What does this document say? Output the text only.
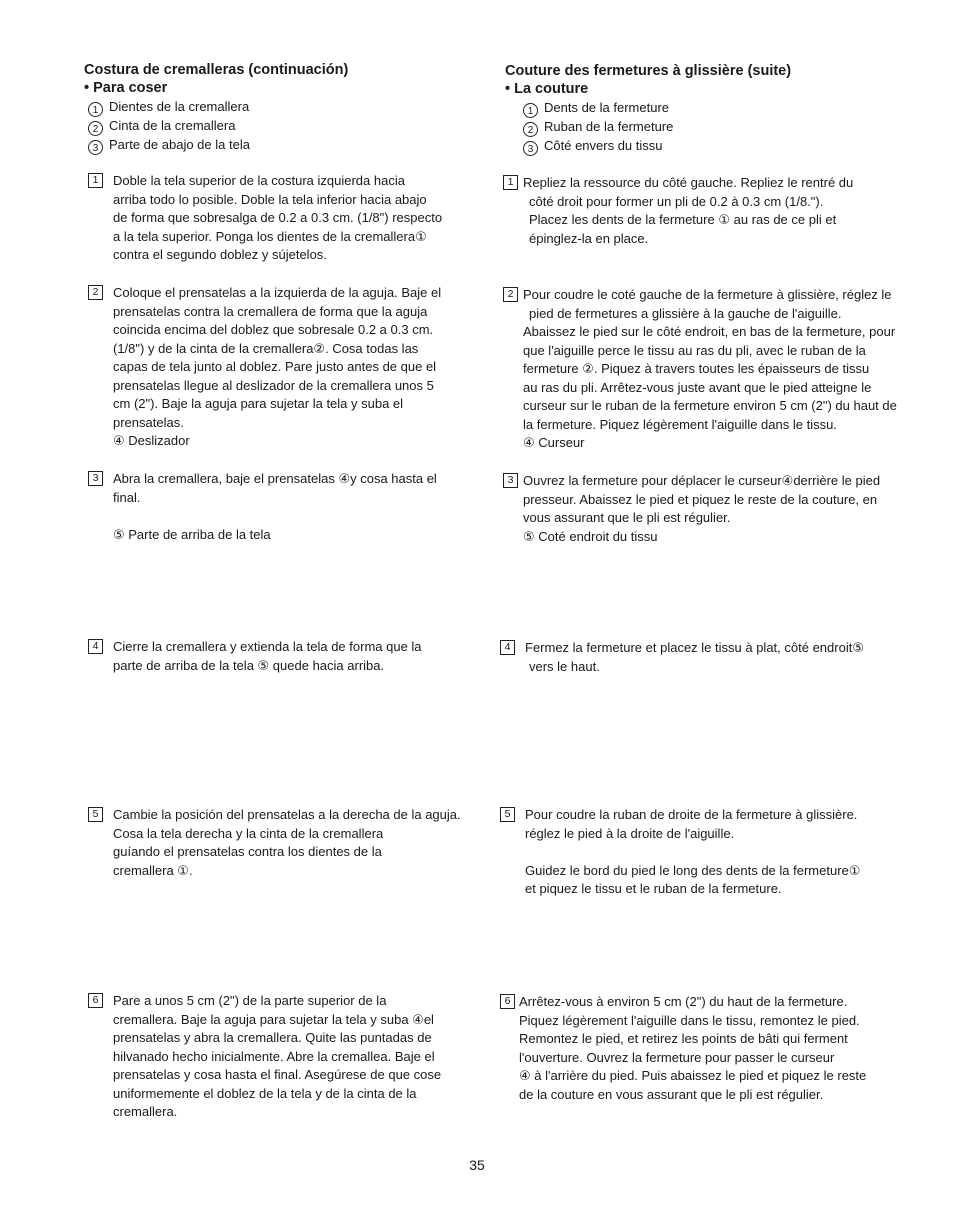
Costura de cremalleras (continuación)
• Para coser
1 Dientes de la cremallera
2 Cinta de la cremallera
3 Parte de abajo de la tela
1	Doble la tela superior de la costura izquierda hacia
arriba todo lo posible. Doble la tela inferior hacia abajo
de forma que sobresalga de 0.2 a 0.3 cm. (1/8") respecto
a la tela superior. Ponga los dientes de la cremallera①
contra el segundo doblez y sújetelos.
2	Coloque el prensatelas a la izquierda de la aguja. Baje el
prensatelas contra la cremallera de forma que la aguja
coincida encima del doblez que sobresale 0.2 a 0.3 cm.
(1/8") y de la cinta de la cremallera②. Cosa todas las
capas de tela junto al doblez. Pare justo antes de que el
prensatelas llegue al deslizador de la cremallera unos 5
cm (2"). Baje la aguja para sujetar la tela y suba el
prensatelas.
④ Deslizador
3	Abra la cremallera, baje el prensatelas ④y cosa hasta el
final.
⑤ Parte de arriba de la tela
4	Cierre la cremallera y extienda la tela de forma que la
parte de arriba de la tela ⑤ quede hacia arriba.
5	Cambie la posición del prensatelas a la derecha de la aguja.
Cosa la tela derecha y la cinta de la cremallera
guíando el prensatelas contra los dientes de la
cremallera ①.
6	Pare a unos 5 cm (2") de la parte superior de la
cremallera. Baje la aguja para sujetar la tela y suba ④el
prensatelas y abra la cremallera. Quite las puntadas de
hilvanado hecho inicialmente. Abre la cremallea. Baje el
prensatelas y cosa hasta el final. Asegúrese de que cose
uniformemente el doblez de la tela y de la cinta de la
cremallera.
Couture des fermetures à glissière (suite)
• La couture
1 Dents de la fermeture
2 Ruban de la fermeture
3 Côté envers du tissu
1 Repliez la ressource du côté gauche. Repliez le rentré du
côté droit pour former un pli de 0.2 à 0.3 cm (1/8.").
Placez les dents de la fermeture ① au ras de ce pli et
épinglez-la en place.
2 Pour coudre le coté gauche de la fermeture à glissière, réglez le
pied de fermetures a glissière à la gauche de l'aiguille.
Abaissez le pied sur le côté endroit, en bas de la fermeture, pour
que l'aiguille perce le tissu au ras du pli, avec le ruban de la
fermeture ②. Piquez à travers toutes les épaisseurs de tissu
au ras du pli. Arrêtez-vous juste avant que le pied atteigne le
curseur sur le ruban de la fermeture environ 5 cm (2") du haut de
la fermeture. Piquez légèrement l'aiguille dans le tissu.
④ Curseur
3 Ouvrez la fermeture pour déplacer le curseur④derrière le pied
presseur. Abaissez le pied et piquez le reste de la couture, en
vous assurant que le pli est régulier.
⑤ Coté endroit du tissu
4	Fermez la fermeture et placez le tissu à plat, côté endroit⑤
vers le haut.
5	Pour coudre la ruban de droite de la fermeture à glissière.
réglez le pied à la droite de l'aiguille.
Guidez le bord du pied le long des dents de la fermeture①
et piquez le tissu et le ruban de la fermeture.
6 Arrêtez-vous à environ 5 cm (2") du haut de la fermeture.
Piquez légèrement l'aiguille dans le tissu, remontez le pied.
Remontez le pied, et retirez les points de bâti qui ferment
l'ouverture. Ouvrez la fermeture pour passer le curseur
④ à l'arrière du pied. Puis abaissez le pied et piquez le reste
de la couture en vous assurant que le pli est régulier.
35
